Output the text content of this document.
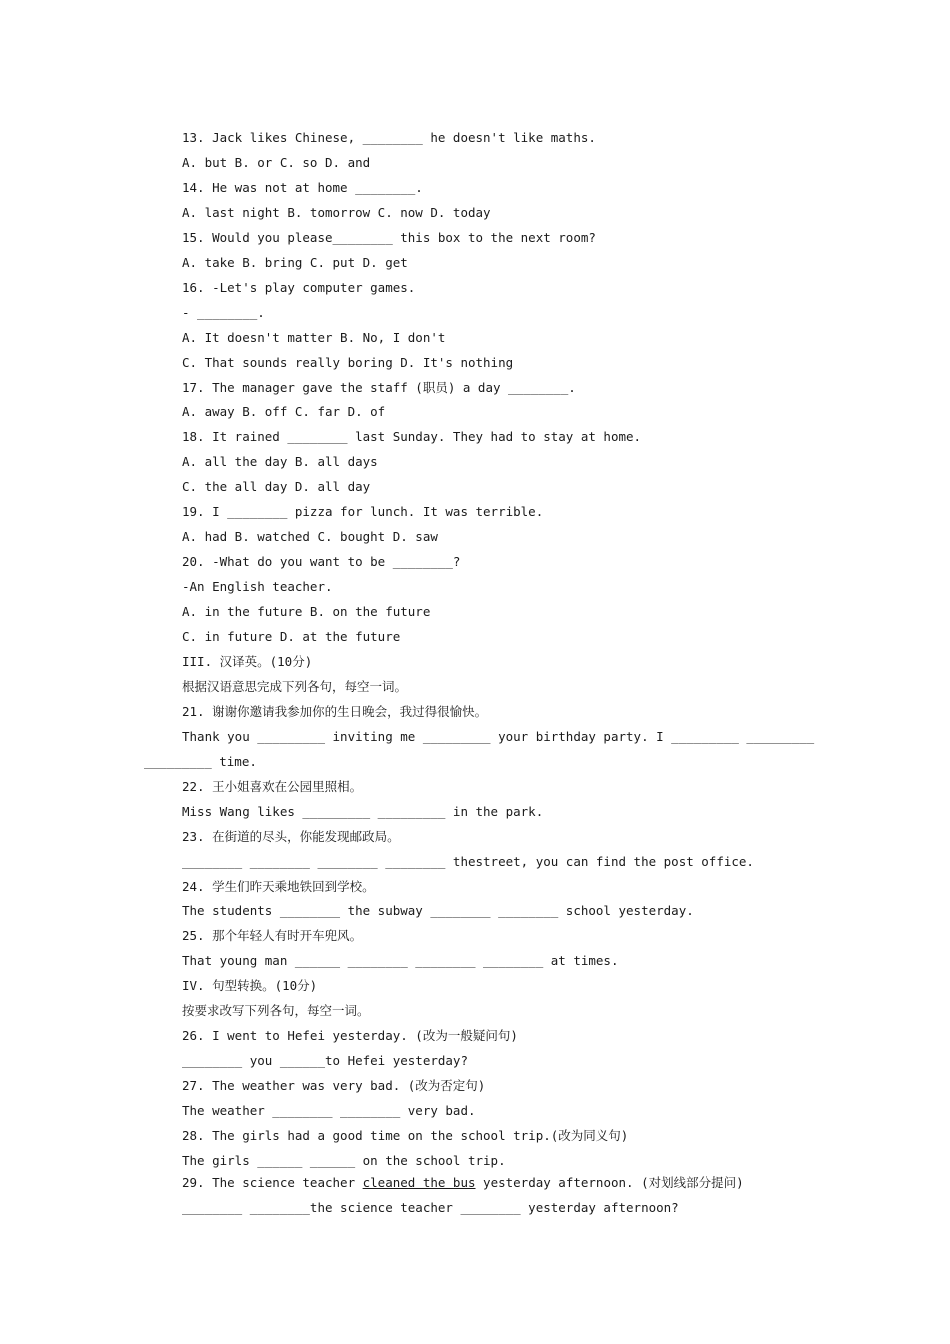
13. Jack likes Chinese, ________ he doesn't like maths.
A. but B. or C. so D. and
14. He was not at home ________.
A. last night B. tomorrow C. now D. today
15. Would you please________ this box to the next room?
A. take B. bring C. put D. get
16. -Let's play computer games.
- ________.
A. It doesn't matter B. No, I don't
C. That sounds really boring D. It's nothing
17. The manager gave the staff (职员) a day ________.
A. away B. off C. far D. of
18. It rained ________ last Sunday. They had to stay at home.
A. all the day B. all days
C. the all day D. all day
19. I ________ pizza for lunch. It was terrible.
A. had B. watched C. bought D. saw
20. -What do you want to be ________?
-An English teacher.
A. in the future B. on the future
C. in future D. at the future
III. 汉译英。(10分)
根据汉语意思完成下列各句，每空一词。
21. 谢谢你邀请我参加你的生日晚会，我过得很愉快。
Thank you _________ inviting me _________ your birthday party. I _________ _________
_________ time.
22. 王小姐喜欢在公园里照相。
Miss Wang likes _________ _________ in the park.
23. 在街道的尽头，你能发现邮政局。
________ ________ ________ ________ thestreet, you can find the post office.
24. 学生们昨天乘地铁回到学校。
The students ________ the subway ________ ________ school yesterday.
25. 那个年轻人有时开车兜风。
That young man ______ ________ ________ ________ at times.
IV. 句型转换。(10分)
按要求改写下列各句，每空一词。
26. I went to Hefei yesterday. (改为一般疑问句)
________ you ______to Hefei yesterday?
27. The weather was very bad. (改为否定句)
The weather ________ ________ very bad.
28. The girls had a good time on the school trip.(改为同义句)
The girls ______ ______ on the school trip.
29. The science teacher cleaned the bus yesterday afternoon. (对划线部分提问)
________ ________the science teacher ________ yesterday afternoon?
